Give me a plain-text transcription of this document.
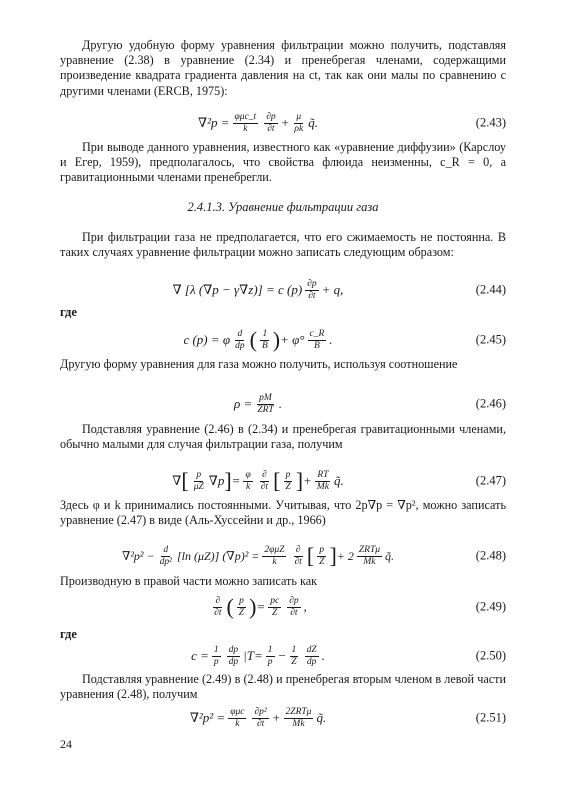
Другую удобную форму уравнения фильтрации можно получить, подставляя уравнение (2.38) в уравнение (2.34) и пренебрегая членами, содержащими произведение квадрата градиента давления на ct, так как они малы по сравнению с другими членами (ERCB, 1975):

$\nabla^2p = \frac{\text{φμc\_t}}{k} \frac{\partial p}{\partial t} + \frac{\mu}{\rho k}$ q̃.	(2.43)

При выводе данного уравнения, известного как «уравнение диффузии» (Карслоу и Егер, 1959), предполагалось, что свойства флюида неизменны, c_R = 0, а гравитационными членами пренебрегли.

2.4.1.3. Уравнение фильтрации газа

При фильтрации газа не предполагается, что его сжимаемость не постоянна. В таких случаях уравнение фильтрации можно записать следующим образом:

∇ [λ (∇p − γ∇z)] = c $(p) \frac{\partial p}{\partial t} + q$,	(2.44)
где
c (p) = φ $\frac{d}{dp}$ ( $\frac{1}{B}$ ) + $\varphi^\circ \frac{c\_R}{B}$ .	(2.45)

Другую форму уравнения для газа можно получить, используя соотношение

$\rho = \frac{pM}{\text{ZRT}}$ .	(2.46)

Подставляя уравнение (2.46) в (2.34) и пренебрегая гравитационными членами, обычно малыми для случая фильтрации газа, получим

∇ [ $\frac{p}{\mu Z} \nabla p$ ] = $\frac{\varphi}{k} \frac{\partial}{\partial t}$ [ $\frac{p}{Z}$ ] + $\frac{RT}{Mk}$ q̃.	(2.47)

Здесь φ и k принимались постоянными. Учитывая, что 2p∇p = ∇p², можно записать уравнение (2.47) в виде (Аль-Хуссейни и др., 1966)

$\nabla^2p^2 - \frac{d}{\text{dp²}} [\ln$ (μZ)] $(\nabla p)^2 = \frac{\text{2φμZ}}{k} \frac{\partial}{\partial t}$ [ $\frac{p}{Z}$ ] + $2 \frac{\text{ZRTμ}}{Mk}$ q̃.	(2.48)

Производную в правой части можно записать как

$\frac{\partial}{\partial t}$ ( $\frac{p}{Z}$ ) = $\frac{pc}{Z} \frac{\partial p}{\partial t}$ ,	(2.49)
где
$c = \frac{1}{p} \frac{dp}{dp} |T = \frac{1}{p} - \frac{1}{Z} \frac{dZ}{dp}$ .	(2.50)

Подставляя уравнение (2.49) в (2.48) и пренебрегая вторым членом в левой части уравнения (2.48), получим

$\nabla^2p^2 = \frac{\text{φμc}}{k} \frac{\text{∂p²}}{\partial t} + \frac{\text{2ZRTμ}}{Mk}$ q̃.	(2.51)
24
